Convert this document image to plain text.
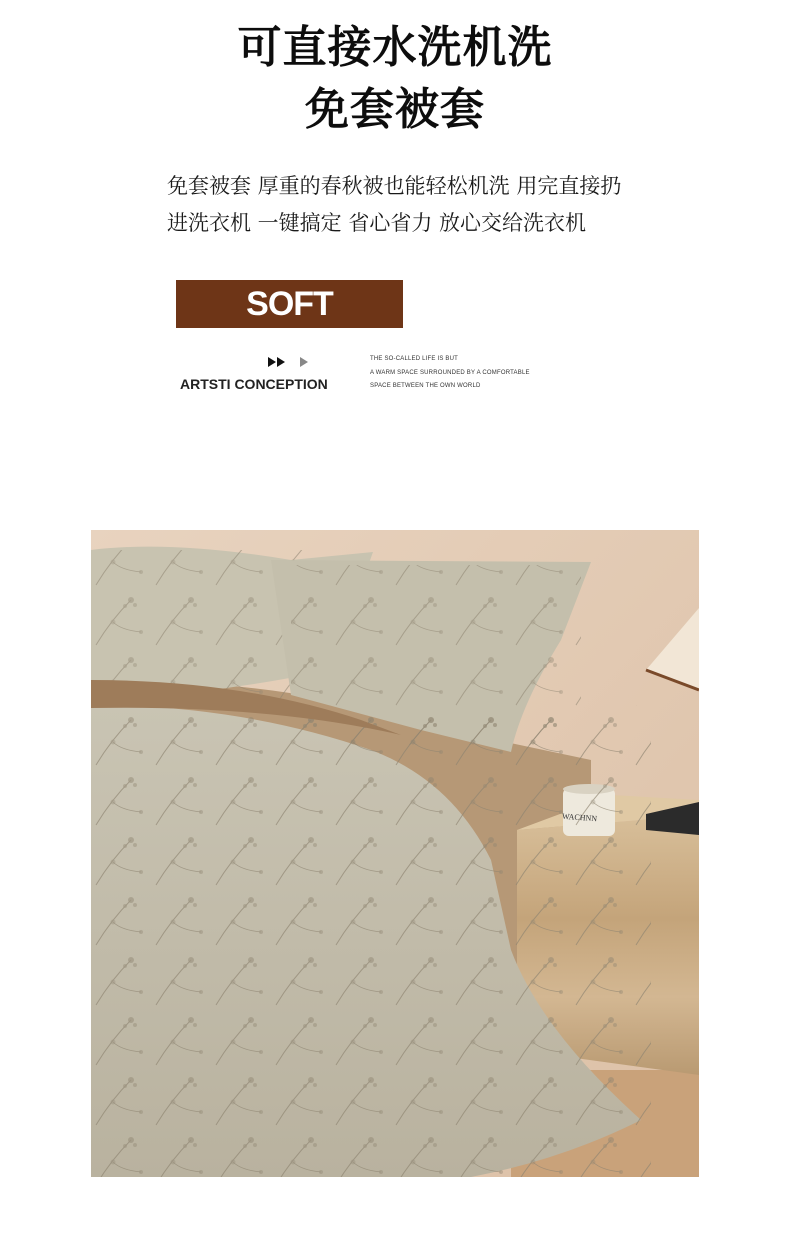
可直接水洗机洗
免套被套
免套被套 厚重的春秋被也能轻松机洗 用完直接扔
进洗衣机 一键搞定 省心省力 放心交给洗衣机
SOFT
ARTSTI CONCEPTION
THE SO-CALLED LIFE IS BUT
A WARM SPACE SURROUNDED BY A COMFORTABLE
SPACE BETWEEN THE OWN WORLD
WACHNN
